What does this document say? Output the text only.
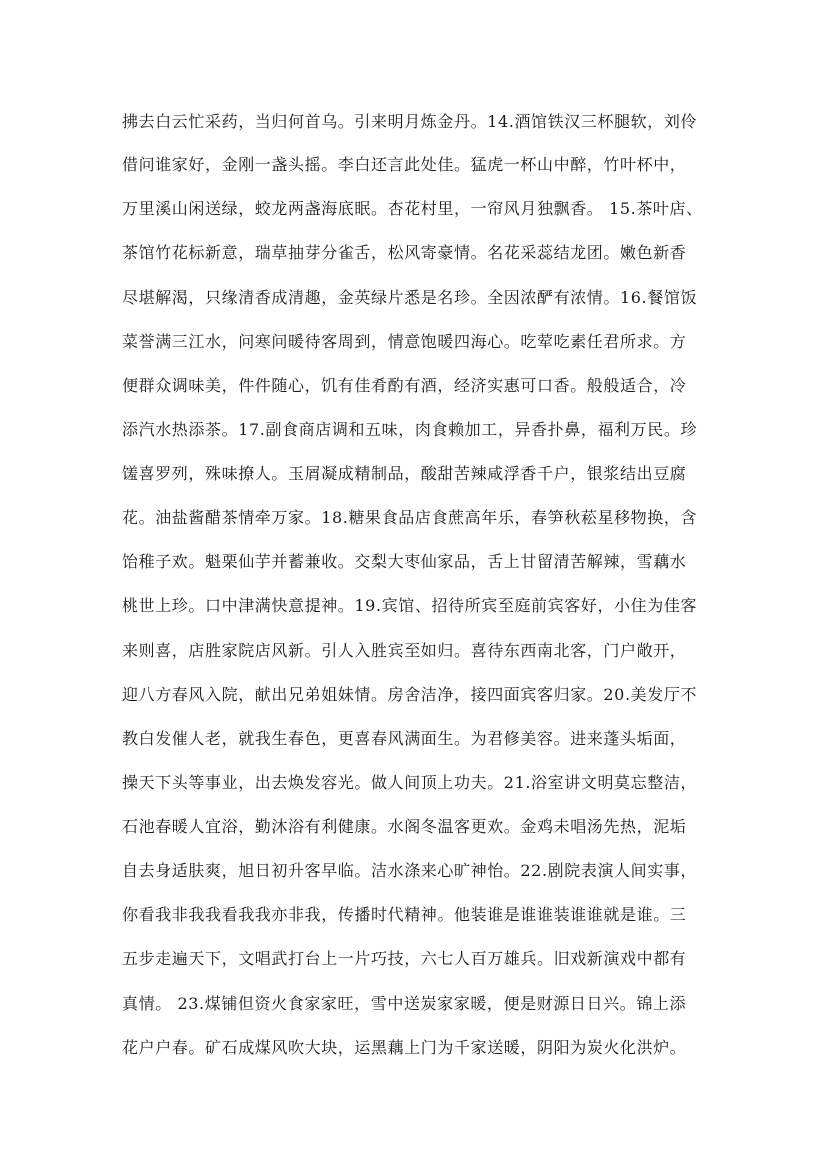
拂去白云忙采药，当归何首乌。引来明月炼金丹。14.酒馆铁汉三杯腿软，刘伶
借问谁家好，金刚一盏头摇。李白还言此处佳。猛虎一杯山中醉，竹叶杯中，
万里溪山闲送绿，蛟龙两盏海底眠。杏花村里，一帘风月独飘香。 15.茶叶店、
茶馆竹花标新意，瑞草抽芽分雀舌，松风寄豪情。名花采蕊结龙团。嫩色新香
尽堪解渴，只缘清香成清趣，金英绿片悉是名珍。全因浓酽有浓情。16.餐馆饭
菜誉满三江水，问寒问暖待客周到，情意饱暖四海心。吃荤吃素任君所求。方
便群众调味美，件件随心，饥有佳肴酌有酒，经济实惠可口香。般般适合，冷
添汽水热添茶。17.副食商店调和五味，肉食赖加工，异香扑鼻，福利万民。珍
馐喜罗列，殊味撩人。玉屑凝成精制品，酸甜苦辣咸浮香千户，银浆结出豆腐
花。油盐酱醋茶情牵万家。18.糖果食品店食蔗高年乐，春笋秋菘星移物换，含
饴稚子欢。魁栗仙芋并蓄兼收。交梨大枣仙家品，舌上甘留清苦解辣，雪藕水
桃世上珍。口中津满快意提神。19.宾馆、招待所宾至庭前宾客好，小住为佳客
来则喜，店胜家院店风新。引人入胜宾至如归。喜待东西南北客，门户敞开，
迎八方春风入院，献出兄弟姐妹情。房舍洁净，接四面宾客归家。20.美发厅不
教白发催人老，就我生春色，更喜春风满面生。为君修美容。进来蓬头垢面，
操天下头等事业，出去焕发容光。做人间顶上功夫。21.浴室讲文明莫忘整洁，
石池春暖人宜浴，勤沐浴有利健康。水阁冬温客更欢。金鸡未唱汤先热，泥垢
自去身适肤爽，旭日初升客早临。洁水涤来心旷神怡。22.剧院表演人间实事，
你看我非我我看我我亦非我，传播时代精神。他装谁是谁谁装谁谁就是谁。三
五步走遍天下，文唱武打台上一片巧技，六七人百万雄兵。旧戏新演戏中都有
真情。 23.煤铺但资火食家家旺，雪中送炭家家暖，便是财源日日兴。锦上添
花户户春。矿石成煤风吹大块，运黑藕上门为千家送暖，阴阳为炭火化洪炉。
